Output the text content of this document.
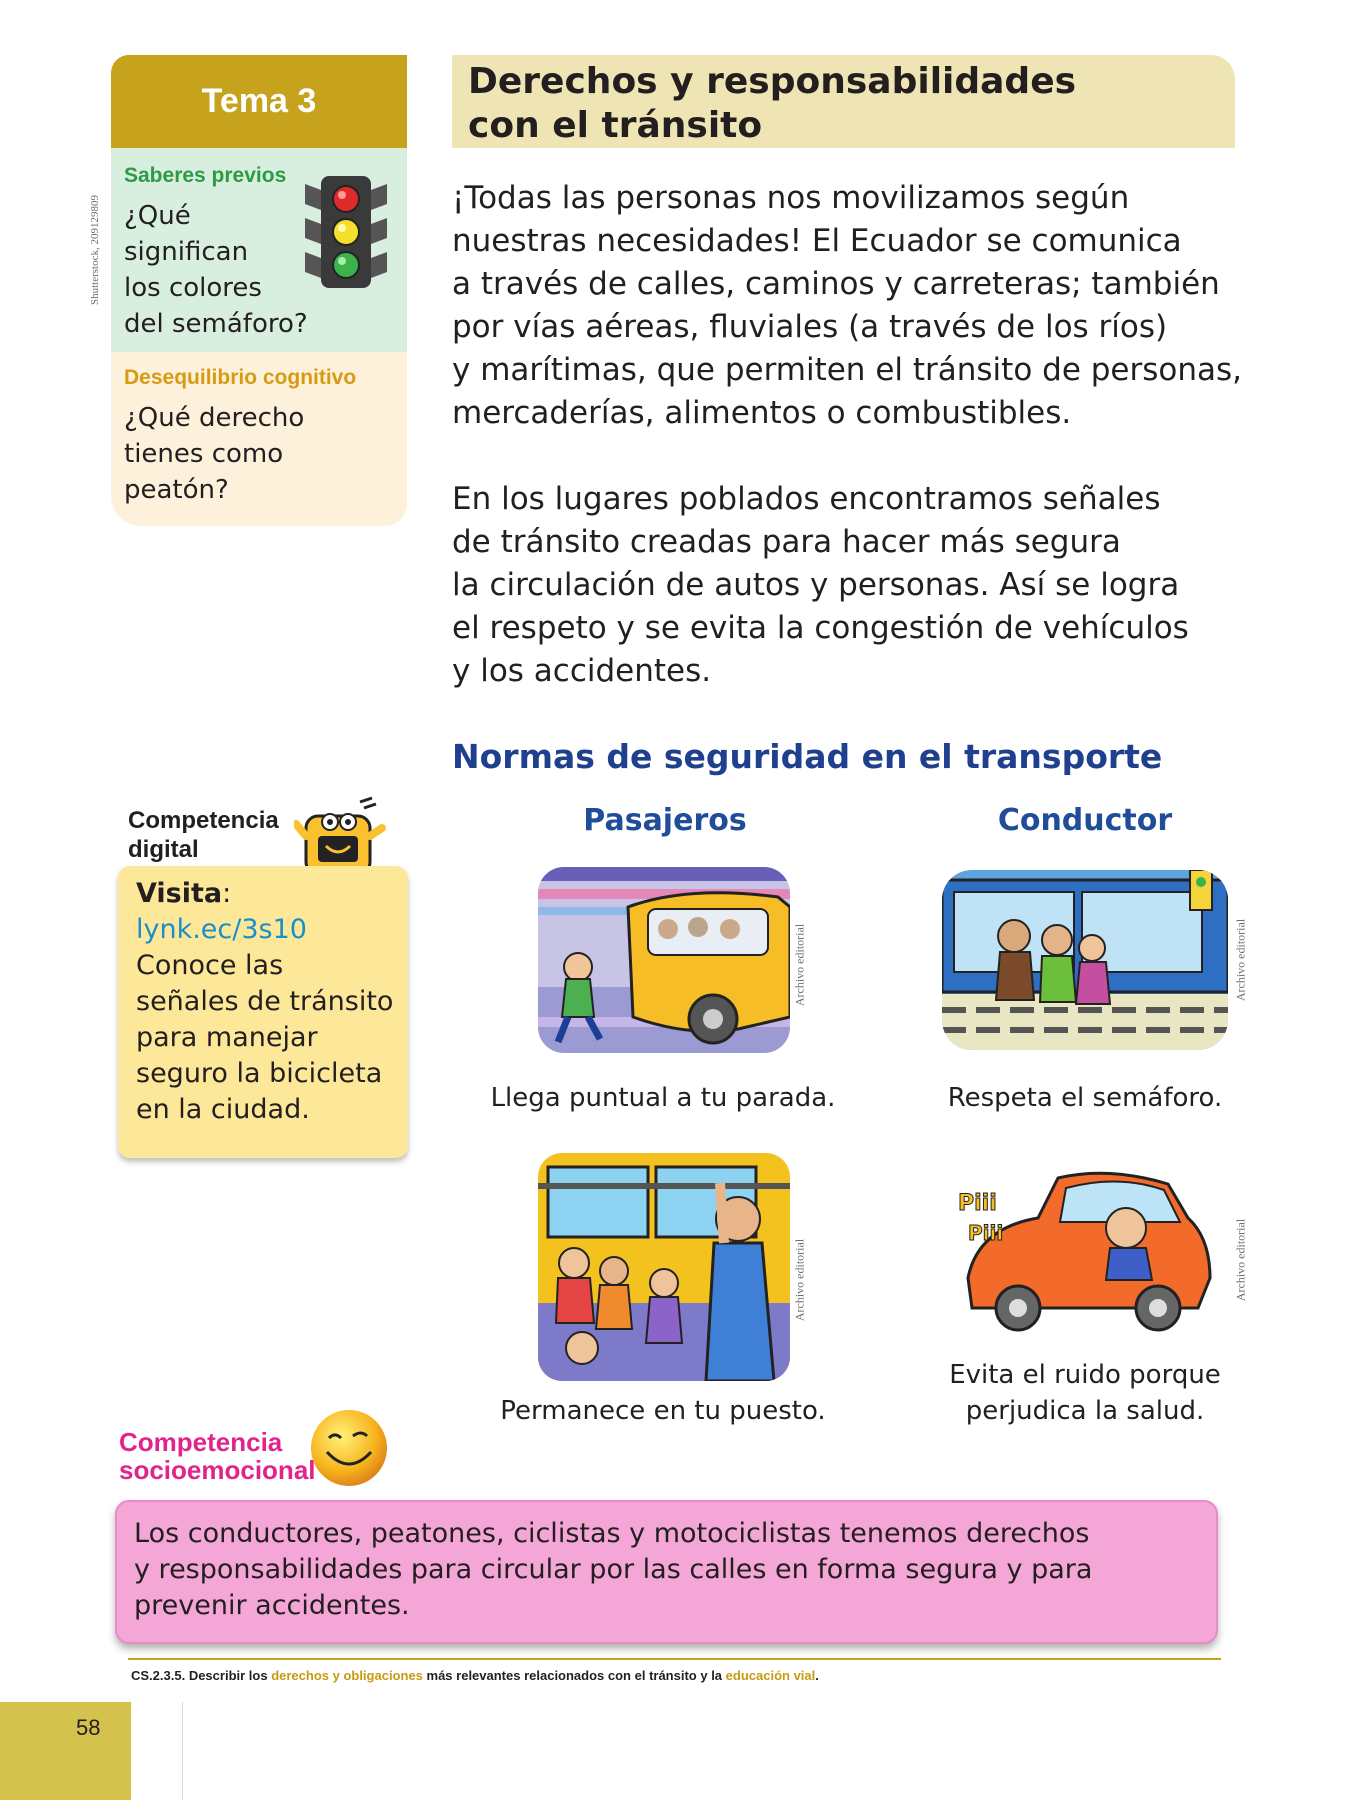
Tema 3
Saberes previos
¿Qué
significan
los colores
del semáforo?
Desequilibrio cognitivo
¿Qué derecho
tienes como
peatón?
Shutterstock, 209129809
Derechos y responsabilidades
con el tránsito
¡Todas las personas nos movilizamos según
nuestras necesidades! El Ecuador se comunica
a través de calles, caminos y carreteras; también
por vías aéreas, fluviales (a través de los ríos)
y marítimas, que permiten el tránsito de personas,
mercaderías, alimentos o combustibles.
En los lugares poblados encontramos señales
de tránsito creadas para hacer más segura
la circulación de autos y personas. Así se logra
el respeto y se evita la congestión de vehículos
y los accidentes.
Normas de seguridad en el transporte
Pasajeros	Conductor
Archivo editorial	Archivo editorial
Llega puntual a tu parada.	Respeta el semáforo.
Archivo editorial
Piii
Piii	Archivo editorial
Permanece en tu puesto.
Evita el ruido porque
perjudica la salud.
Competencia
digital
Visita:
lynk.ec/3s10
Conoce las
señales de tránsito
para manejar
seguro la bicicleta
en la ciudad.
Competencia
socioemocional
Los conductores, peatones, ciclistas y motociclistas tenemos derechos
y responsabilidades para circular por las calles en forma segura y para
prevenir accidentes.
CS.2.3.5. Describir los derechos y obligaciones más relevantes relacionados con el tránsito y la educación vial.
58
